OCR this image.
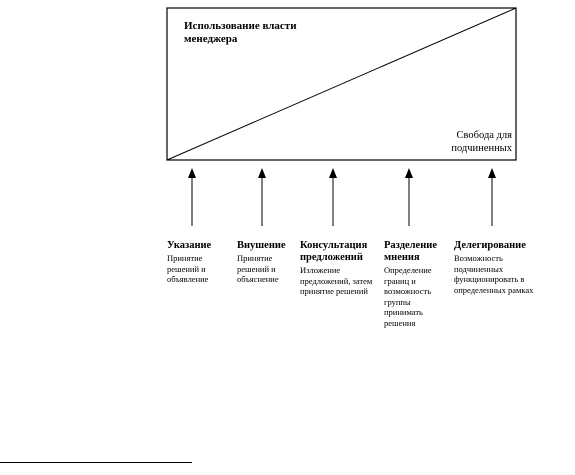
Использование власти менеджера
Свобода для подчиненных
Указание
Принятие решений и объявление
Внушение
Принятие решений и объяснение
Консультация предложений
Изложение предложений, затем принятие решений
Разделение мнения
Определение границ и возможность группы принимать решения
Делегирование
Возможность подчиненных функционировать в определенных рамках
